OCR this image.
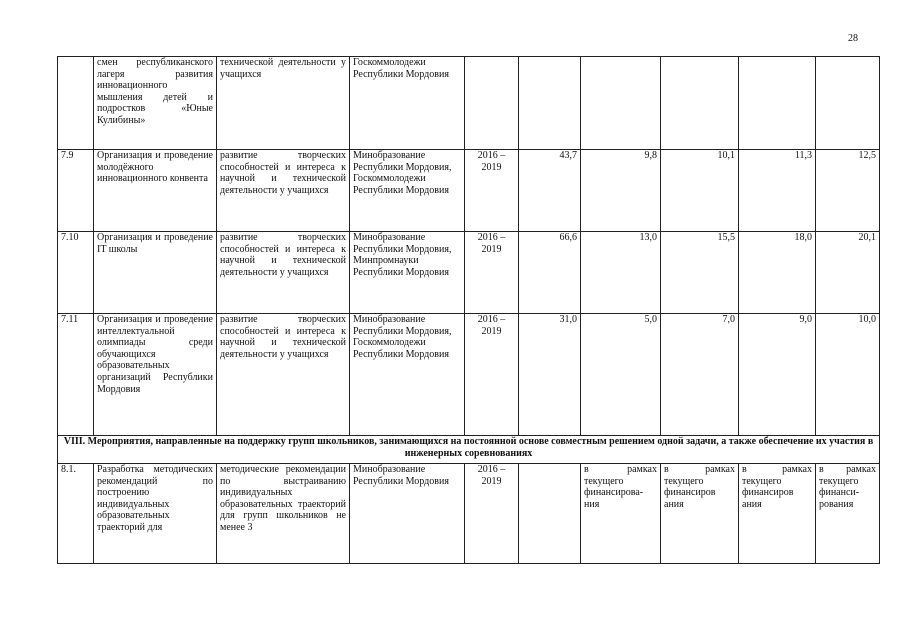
28
	смен республиканского лагеря развития инновационного мышления детей и подростков «Юные Кулибины»	технической деятельности у учащихся	Госкоммолодежи Республики Мордовия						
7.9	Организация и проведение молодёжного инновационного конвента	развитие творческих способностей и интереса к научной и технической деятельности у учащихся	Минобразование Республики Мордовия, Госкоммолодежи Республики Мордовия	2016 – 2019	43,7	9,8	10,1	11,3	12,5
7.10	Организация и проведение IT школы	развитие творческих способностей и интереса к научной и технической деятельности у учащихся	Минобразование Республики Мордовия, Минпромнауки Республики Мордовия	2016 – 2019	66,6	13,0	15,5	18,0	20,1
7.11	Организация и проведение интеллектуальной олимпиады среди обучающихся образовательных организаций Республики Мордовия	развитие творческих способностей и интереса к научной и технической деятельности у учащихся	Минобразование Республики Мордовия, Госкоммолодежи Республики Мордовия	2016 – 2019	31,0	5,0	7,0	9,0	10,0
VIII. Мероприятия, направленные на поддержку групп школьников, занимающихся на постоянной основе совместным решением одной задачи, а также обеспечение их участия в инженерных соревнованиях									
8.1.	Разработка методических рекомендаций по построению индивидуальных образовательных траекторий для	методические рекомендации по выстраиванию индивидуальных образовательных траекторий для групп школьников не менее 3	Минобразование Республики Мордовия	2016 – 2019		в рамках текущего финансирова-ния	в рамках текущего финансиров ания	в рамках текущего финансиров ания	в рамках текущего финанси-рования
